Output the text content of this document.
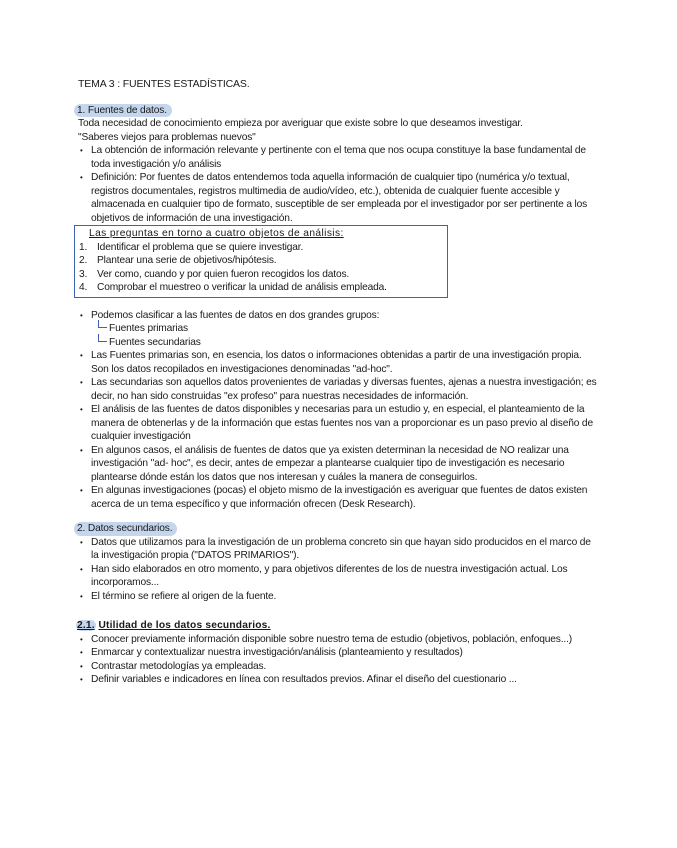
TEMA 3 : FUENTES ESTADÍSTICAS.

1. Fuentes de datos.

Toda necesidad de conocimiento empieza por averiguar que existe sobre lo que deseamos investigar.

"Saberes viejos para problemas nuevos"

• La obtención de información relevante y pertinente con el tema que nos ocupa constituye la base fundamental de toda investigación y/o análisis
• Definición: Por fuentes de datos entendemos toda aquella información de cualquier tipo (numérica y/o textual, registros documentales, registros multimedia de audio/vídeo, etc.), obtenida de cualquier fuente accesible y almacenada en cualquier tipo de formato, susceptible de ser empleada por el investigador por ser pertinente a los objetivos de información de una investigación.
Las preguntas en torno a cuatro objetos de análisis:
1. Identificar el problema que se quiere investigar.
2. Plantear una serie de objetivos/hipótesis.
3. Ver como, cuando y por quien fueron recogidos los datos.
4. Comprobar el muestreo o verificar la unidad de análisis empleada.
• Podemos clasificar a las fuentes de datos en dos grandes grupos:
Fuentes primarias
Fuentes secundarias
• Las Fuentes primarias son, en esencia, los datos o informaciones obtenidas a partir de una investigación propia. Son los datos recopilados en investigaciones denominadas "ad-hoc".
• Las secundarias son aquellos datos provenientes de variadas y diversas fuentes, ajenas a nuestra investigación; es decir, no han sido construidas "ex profeso" para nuestras necesidades de información.
• El análisis de las fuentes de datos disponibles y necesarias para un estudio y, en especial, el planteamiento de la manera de obtenerlas y de la información que estas fuentes nos van a proporcionar es un paso previo al diseño de cualquier investigación
• En algunos casos, el análisis de fuentes de datos que ya existen determinan la necesidad de NO realizar una investigación "ad- hoc", es decir, antes de empezar a plantearse cualquier tipo de investigación es necesario plantearse dónde están los datos que nos interesan y cuáles la manera de conseguirlos.
• En algunas investigaciones (pocas) el objeto mismo de la investigación es averiguar que fuentes de datos existen acerca de un tema específico y que información ofrecen (Desk Research).

2. Datos secundarios.

• Datos que utilizamos para la investigación de un problema concreto sin que hayan sido producidos en el marco de la investigación propia ("DATOS PRIMARIOS").
• Han sido elaborados en otro momento, y para objetivos diferentes de los de nuestra investigación actual. Los incorporamos...
• El término se refiere al origen de la fuente.

2.1. Utilidad de los datos secundarios.

• Conocer previamente información disponible sobre nuestro tema de estudio (objetivos, población, enfoques...)
• Enmarcar y contextualizar nuestra investigación/análisis (planteamiento y resultados)
• Contrastar metodologías ya empleadas.
• Definir variables e indicadores en línea con resultados previos. Afinar el diseño del cuestionario ...
